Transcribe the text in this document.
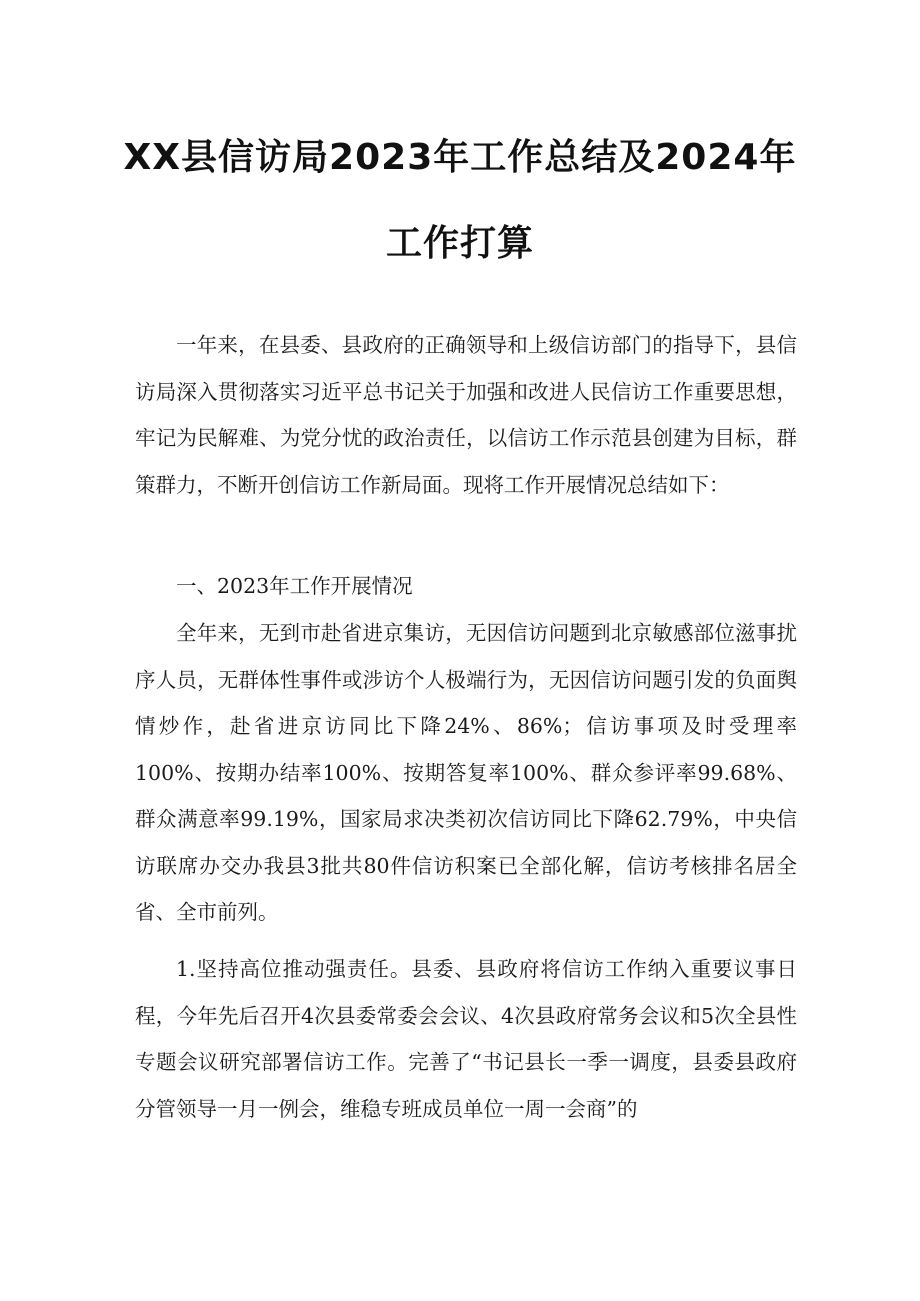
XX县信访局2023年工作总结及2024年
工作打算

一年来，在县委、县政府的正确领导和上级信访部门的指导下，县信访局深入贯彻落实习近平总书记关于加强和改进人民信访工作重要思想，牢记为民解难、为党分忧的政治责任，以信访工作示范县创建为目标，群策群力，不断开创信访工作新局面。现将工作开展情况总结如下：

一、2023年工作开展情况

全年来，无到市赴省进京集访，无因信访问题到北京敏感部位滋事扰序人员，无群体性事件或涉访个人极端行为，无因信访问题引发的负面舆情炒作，赴省进京访同比下降24%、86%；信访事项及时受理率100%、按期办结率100%、按期答复率100%、群众参评率99.68%、群众满意率99.19%，国家局求决类初次信访同比下降62.79%，中央信访联席办交办我县3批共80件信访积案已全部化解，信访考核排名居全省、全市前列。

1.坚持高位推动强责任。县委、县政府将信访工作纳入重要议事日程，今年先后召开4次县委常委会会议、4次县政府常务会议和5次全县性专题会议研究部署信访工作。完善了“书记县长一季一调度，县委县政府分管领导一月一例会，维稳专班成员单位一周一会商”的
